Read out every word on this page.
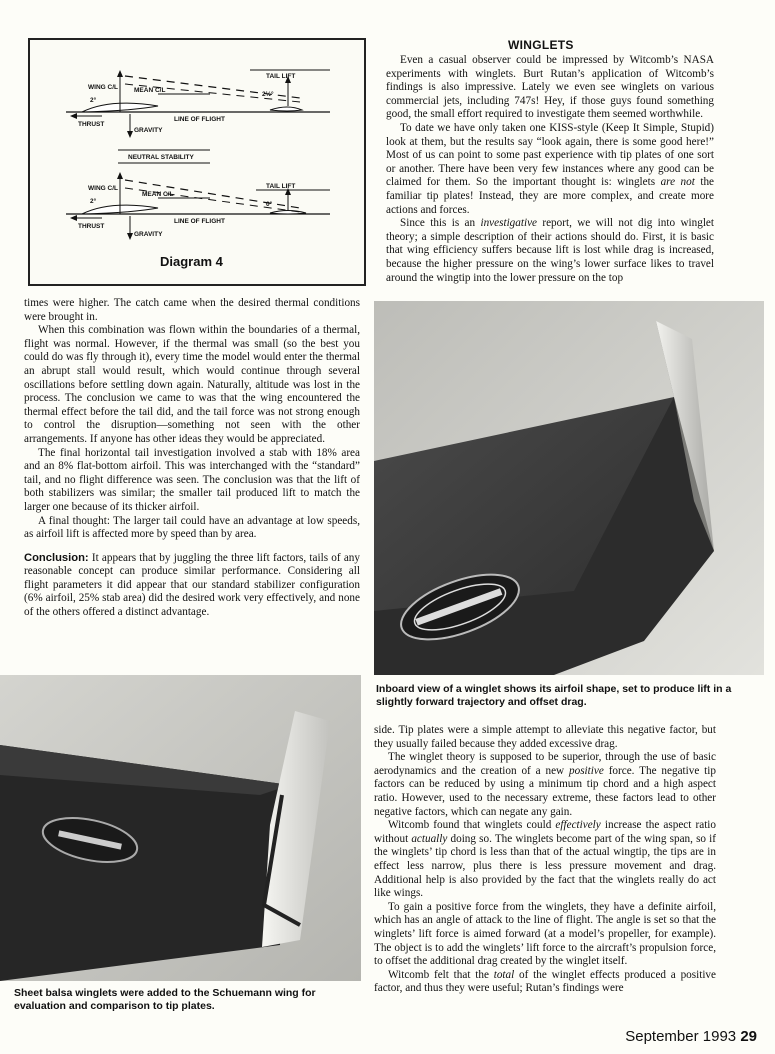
WING C/L MEAN C/L
TAIL LIFT
2°
2½°
THRUST
GRAVITY
LINE OF FLIGHT
NEUTRAL STABILITY
WING C/L
MEAN C/L
TAIL LIFT
2°	0°
THRUST
GRAVITY
LINE OF FLIGHT
Diagram 4
WINGLETS

Even a casual observer could be impressed by Witcomb’s NASA experiments with winglets. Burt Rutan’s application of Witcomb’s findings is also impressive. Lately we even see winglets on various commercial jets, including 747s! Hey, if those guys found something good, the small effort required to investigate them seemed worthwhile.

To date we have only taken one KISS-style (Keep It Simple, Stupid) look at them, but the results say “look again, there is some good here!” Most of us can point to some past experience with tip plates of one sort or another. There have been very few instances where any good can be claimed for them. So the important thought is: winglets are not the familiar tip plates! Instead, they are more complex, and create more actions and forces.

Since this is an investigative report, we will not dig into winglet theory; a simple description of their actions should do. First, it is basic that wing efficiency suffers because lift is lost while drag is increased, because the higher pressure on the wing’s lower surface likes to travel around the wingtip into the lower pressure on the top

times were higher. The catch came when the desired thermal conditions were brought in.

When this combination was flown within the boundaries of a thermal, flight was normal. However, if the thermal was small (so the best you could do was fly through it), every time the model would enter the thermal an abrupt stall would result, which would continue through several oscillations before settling down again. Naturally, altitude was lost in the process. The conclusion we came to was that the wing encountered the thermal effect before the tail did, and the tail force was not strong enough to control the disruption—something not seen with the other arrangements. If anyone has other ideas they would be appreciated.

The final horizontal tail investigation involved a stab with 18% area and an 8% flat-bottom airfoil. This was interchanged with the “standard” tail, and no flight difference was seen. The conclusion was that the lift of both stabilizers was similar; the smaller tail produced lift to match the larger one because of its thicker airfoil.

A final thought: The larger tail could have an advantage at low speeds, as airfoil lift is affected more by speed than by area.

Conclusion: It appears that by juggling the three lift factors, tails of any reasonable concept can produce similar performance. Considering all flight parameters it did appear that our standard stabilizer configuration (6% airfoil, 25% stab area) did the desired work very effectively, and none of the others offered a distinct advantage.

Inboard view of a winglet shows its airfoil shape, set to produce lift in a slightly forward trajectory and offset drag.
Sheet balsa winglets were added to the Schuemann wing for evaluation and comparison to tip plates.

side. Tip plates were a simple attempt to alleviate this negative factor, but they usually failed because they added excessive drag.

The winglet theory is supposed to be superior, through the use of basic aerodynamics and the creation of a new positive force. The negative tip factors can be reduced by using a minimum tip chord and a high aspect ratio. However, used to the necessary extreme, these factors lead to other negative factors, which can negate any gain.

Witcomb found that winglets could effectively increase the aspect ratio without actually doing so. The winglets become part of the wing span, so if the winglets’ tip chord is less than that of the actual wingtip, the tips are in effect less narrow, plus there is less pressure movement and drag. Additional help is also provided by the fact that the winglets really do act like wings.

To gain a positive force from the winglets, they have a definite airfoil, which has an angle of attack to the line of flight. The angle is set so that the winglets’ lift force is aimed forward (at a model’s propeller, for example). The object is to add the winglets’ lift force to the aircraft’s propulsion force, to offset the additional drag created by the winglet itself.

Witcomb felt that the total of the winglet effects produced a positive factor, and thus they were useful; Rutan’s findings were

September 1993 29
